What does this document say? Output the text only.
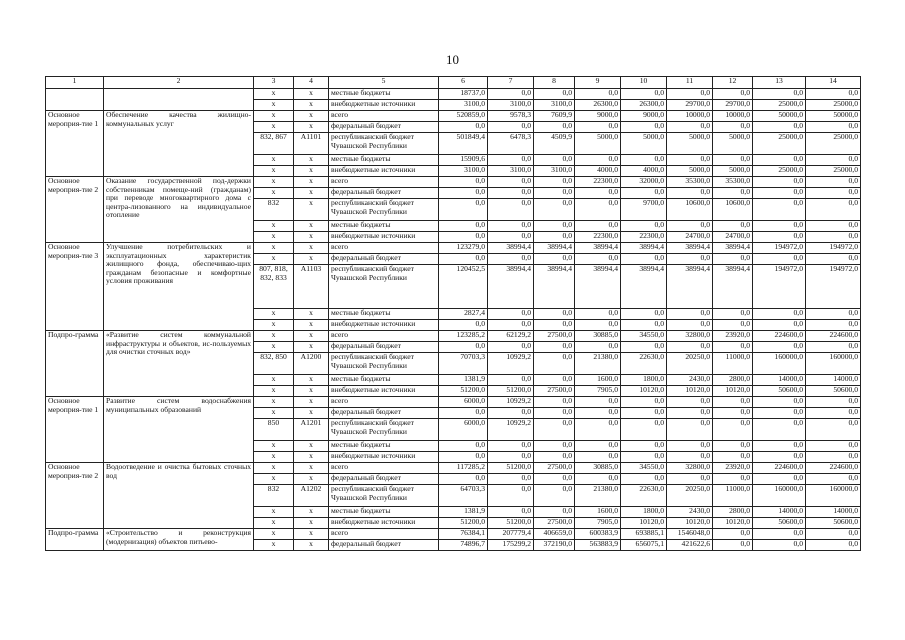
10
1	2	3	4	5	6	7	8	9	10	11	12	13	14
		х	х	местные бюджеты	18737,0	0,0	0,0	0,0	0,0	0,0	0,0	0,0	0,0
		х	х	внебюджетные источники	3100,0	3100,0	3100,0	26300,0	26300,0	29700,0	29700,0	25000,0	25000,0
Основное мероприя-тие 1	Обеспечение качества жилищно-коммунальных услуг	х	х	всего	520859,0	9578,3	7609,9	9000,0	9000,0	10000,0	10000,0	50000,0	50000,0
		х	х	федеральный бюджет	0,0	0,0	0,0	0,0	0,0	0,0	0,0	0,0	0,0
		832, 867	А1101	республиканский бюджет Чувашской Республики	501849,4	6478,3	4509,9	5000,0	5000,0	5000,0	5000,0	25000,0	25000,0
		х	х	местные бюджеты	15909,6	0,0	0,0	0,0	0,0	0,0	0,0	0,0	0,0
		х	х	внебюджетные источники	3100,0	3100,0	3100,0	4000,0	4000,0	5000,0	5000,0	25000,0	25000,0
Основное мероприя-тие 2	Оказание государственной под-держки собственникам помеще-ний (гражданам) при переводе многоквартирного дома с центра-лизованного на индивидуальное отопление	х	х	всего	0,0	0,0	0,0	22300,0	32000,0	35300,0	35300,0	0,0	0,0
		х	х	федеральный бюджет	0,0	0,0	0,0	0,0	0,0	0,0	0,0	0,0	0,0
		832	х	республиканский бюджет Чувашской Республики	0,0	0,0	0,0	0,0	9700,0	10600,0	10600,0	0,0	0,0
		х	х	местные бюджеты	0,0	0,0	0,0	0,0	0,0	0,0	0,0	0,0	0,0
		х	х	внебюджетные источники	0,0	0,0	0,0	22300,0	22300,0	24700,0	24700,0	0,0	0,0
Основное мероприя-тие 3	Улучшение потребительских и эксплуатационных характеристик жилищного фонда, обеспечиваю-щих гражданам безопасные и комфортные условия проживания	х	х	всего	123279,0	38994,4	38994,4	38994,4	38994,4	38994,4	38994,4	194972,0	194972,0
		х	х	федеральный бюджет	0,0	0,0	0,0	0,0	0,0	0,0	0,0	0,0	0,0
		807, 818, 832, 833	А1103	республиканский бюджет Чувашской Республики	120452,5	38994,4	38994,4	38994,4	38994,4	38994,4	38994,4	194972,0	194972,0
		х	х	местные бюджеты	2827,4	0,0	0,0	0,0	0,0	0,0	0,0	0,0	0,0
		х	х	внебюджетные источники	0,0	0,0	0,0	0,0	0,0	0,0	0,0	0,0	0,0
Подпро-грамма	«Развитие систем коммунальной инфраструктуры и объектов, ис-пользуемых для очистки сточных вод»	х	х	всего	123285,2	62129,2	27500,0	30885,0	34550,0	32800,0	23920,0	224600,0	224600,0
		х	х	федеральный бюджет	0,0	0,0	0,0	0,0	0,0	0,0	0,0	0,0	0,0
		832, 850	А1200	республиканский бюджет Чувашской Республики	70703,3	10929,2	0,0	21380,0	22630,0	20250,0	11000,0	160000,0	160000,0
		х	х	местные бюджеты	1381,9	0,0	0,0	1600,0	1800,0	2430,0	2800,0	14000,0	14000,0
		х	х	внебюджетные источники	51200,0	51200,0	27500,0	7905,0	10120,0	10120,0	10120,0	50600,0	50600,0
Основное мероприя-тие 1	Развитие систем водоснабжения муниципальных образований	х	х	всего	6000,0	10929,2	0,0	0,0	0,0	0,0	0,0	0,0	0,0
		х	х	федеральный бюджет	0,0	0,0	0,0	0,0	0,0	0,0	0,0	0,0	0,0
		850	А1201	республиканский бюджет Чувашской Республики	6000,0	10929,2	0,0	0,0	0,0	0,0	0,0	0,0	0,0
		х	х	местные бюджеты	0,0	0,0	0,0	0,0	0,0	0,0	0,0	0,0	0,0
		х	х	внебюджетные источники	0,0	0,0	0,0	0,0	0,0	0,0	0,0	0,0	0,0
Основное мероприя-тие 2	Водоотведение и очистка бытовых сточных вод	х	х	всего	117285,2	51200,0	27500,0	30885,0	34550,0	32800,0	23920,0	224600,0	224600,0
		х	х	федеральный бюджет	0,0	0,0	0,0	0,0	0,0	0,0	0,0	0,0	0,0
		832	А1202	республиканский бюджет Чувашской Республики	64703,3	0,0	0,0	21380,0	22630,0	20250,0	11000,0	160000,0	160000,0
		х	х	местные бюджеты	1381,9	0,0	0,0	1600,0	1800,0	2430,0	2800,0	14000,0	14000,0
		х	х	внебюджетные источники	51200,0	51200,0	27500,0	7905,0	10120,0	10120,0	10120,0	50600,0	50600,0
Подпро-грамма	«Строительство и реконструкция (модернизация) объектов питьево-	х	х	всего	76384,1	207779,4	406659,0	600383,9	693885,1	1546048,0	0,0	0,0	0,0
		х	х	федеральный бюджет	74896,7	175299,2	372190,0	563883,9	656075,1	421622,6	0,0	0,0	0,0
